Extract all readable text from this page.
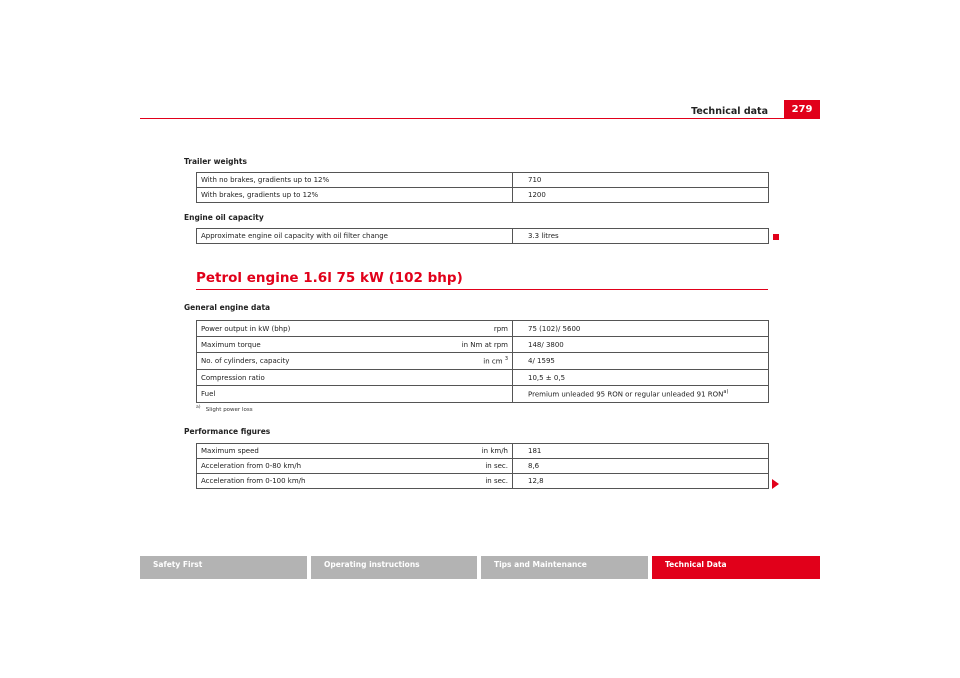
Technical data	279
Trailer weights
With no brakes, gradients up to 12%	710
With brakes, gradients up to 12%	1200
Engine oil capacity
Approximate engine oil capacity with oil filter change	3.3 litres
Petrol engine 1.6l 75 kW (102 bhp)
General engine data
Power output in kW (bhp)	rpm	75 (102)/ 5600
Maximum torque	in Nm at rpm	148/ 3800
No. of cylinders, capacity	in cm $^3$	4/ 1595
Compression ratio		10,5 ± 0,5
Fuel		Premium unleaded 95 RON or regular unleaded 91 RON$^{a)}$
$^{a)}$ Slight power loss
Performance figures
Maximum speed	in km/h	181
Acceleration from 0-80 km/h	in sec.	8,6
Acceleration from 0-100 km/h	in sec.	12,8
Safety First	Operating instructions	Tips and Maintenance	Technical Data
